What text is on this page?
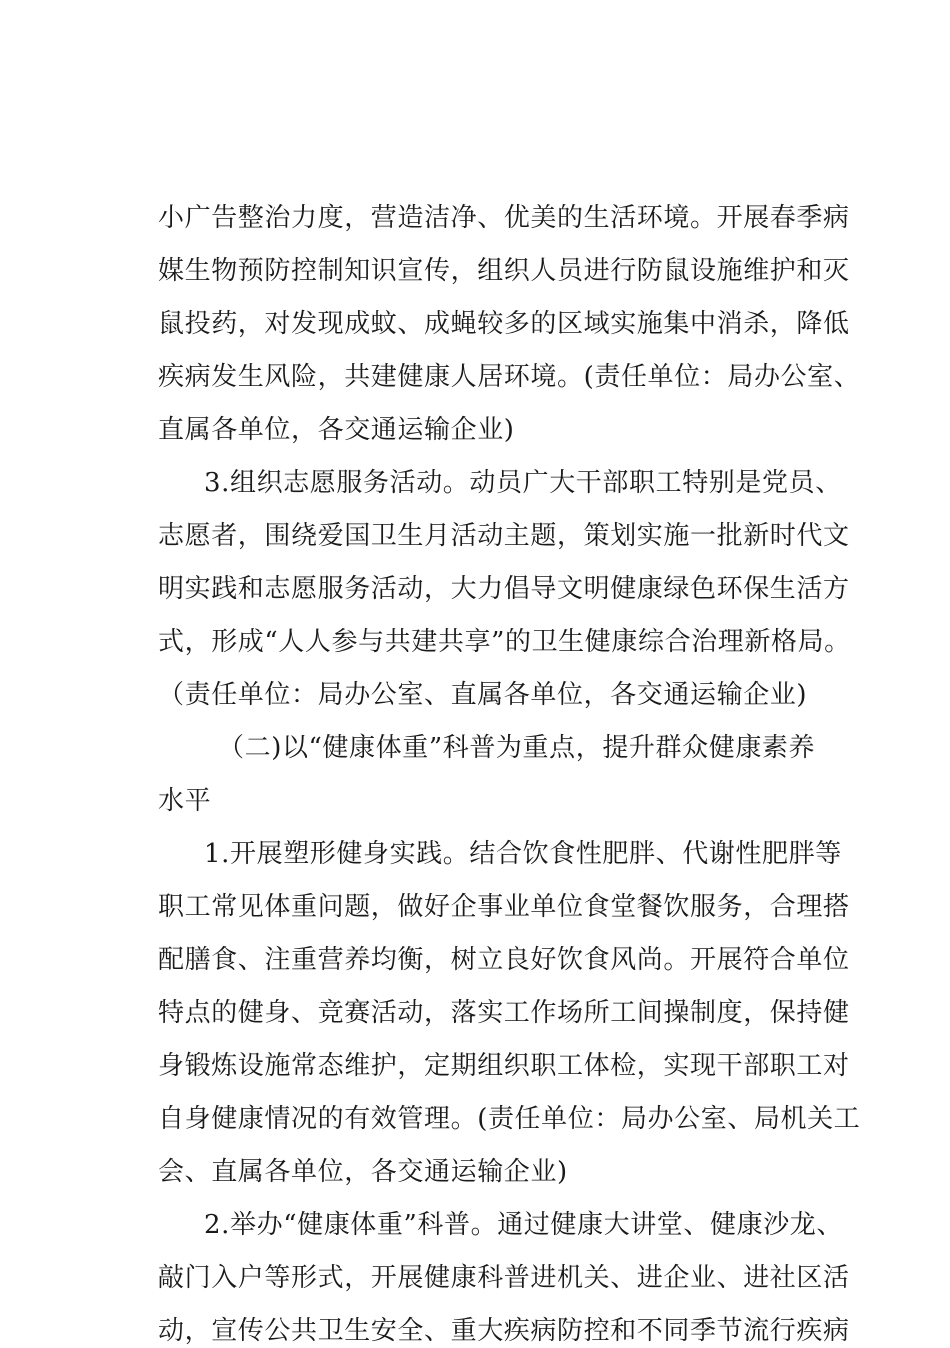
小广告整治力度，营造洁净、优美的生活环境。开展春季病
媒生物预防控制知识宣传，组织人员进行防鼠设施维护和灭
鼠投药，对发现成蚊、成蝇较多的区域实施集中消杀，降低
疾病发生风险，共建健康人居环境。(责任单位：局办公室、
直属各单位，各交通运输企业)
3.组织志愿服务活动。动员广大干部职工特别是党员、
志愿者，围绕爱国卫生月活动主题，策划实施一批新时代文
明实践和志愿服务活动，大力倡导文明健康绿色环保生活方
式，形成“人人参与共建共享”的卫生健康综合治理新格局。
（责任单位：局办公室、直属各单位，各交通运输企业)
（二)以“健康体重”科普为重点，提升群众健康素养
水平
1.开展塑形健身实践。结合饮食性肥胖、代谢性肥胖等
职工常见体重问题，做好企事业单位食堂餐饮服务，合理搭
配膳食、注重营养均衡，树立良好饮食风尚。开展符合单位
特点的健身、竞赛活动，落实工作场所工间操制度，保持健
身锻炼设施常态维护，定期组织职工体检，实现干部职工对
自身健康情况的有效管理。(责任单位：局办公室、局机关工
会、直属各单位，各交通运输企业)
2.举办“健康体重”科普。通过健康大讲堂、健康沙龙、
敲门入户等形式，开展健康科普进机关、进企业、进社区活
动，宣传公共卫生安全、重大疾病防控和不同季节流行疾病
